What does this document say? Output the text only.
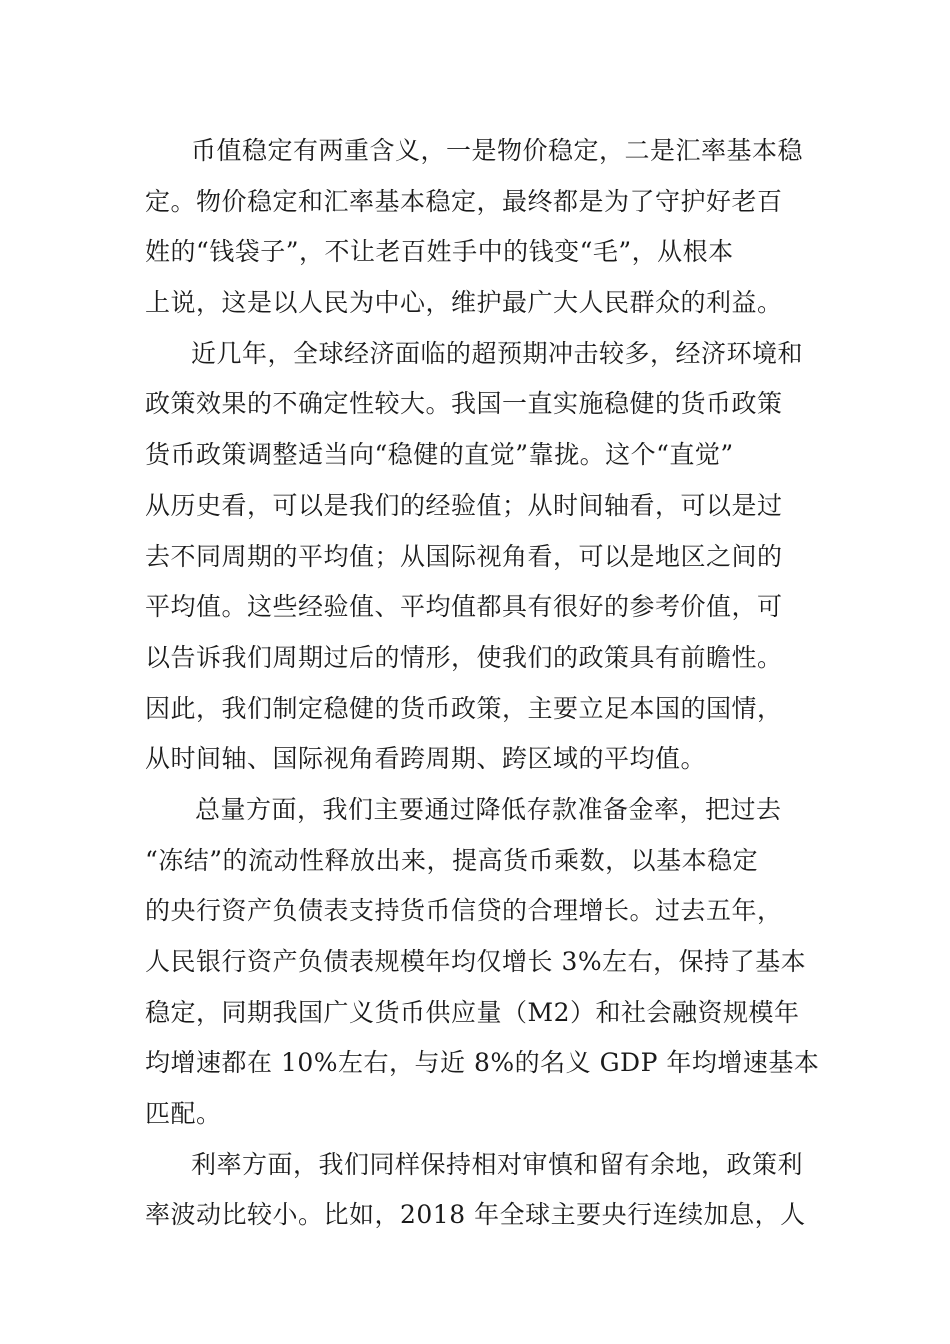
币值稳定有两重含义，一是物价稳定，二是汇率基本稳
定。物价稳定和汇率基本稳定，最终都是为了守护好老百
姓的“钱袋子”，不让老百姓手中的钱变“毛”，从根本
上说，这是以人民为中心，维护最广大人民群众的利益。
近几年，全球经济面临的超预期冲击较多，经济环境和
政策效果的不确定性较大。我国一直实施稳健的货币政策
货币政策调整适当向“稳健的直觉”靠拢。这个“直觉”
从历史看，可以是我们的经验值；从时间轴看，可以是过
去不同周期的平均值；从国际视角看，可以是地区之间的
平均值。这些经验值、平均值都具有很好的参考价值，可
以告诉我们周期过后的情形，使我们的政策具有前瞻性。
因此，我们制定稳健的货币政策，主要立足本国的国情，
从时间轴、国际视角看跨周期、跨区域的平均值。
总量方面，我们主要通过降低存款准备金率，把过去
“冻结”的流动性释放出来，提高货币乘数，以基本稳定
的央行资产负债表支持货币信贷的合理增长。过去五年，
人民银行资产负债表规模年均仅增长 3%左右，保持了基本
稳定，同期我国广义货币供应量（M2）和社会融资规模年
均增速都在 10%左右，与近 8%的名义 GDP 年均增速基本
匹配。
利率方面，我们同样保持相对审慎和留有余地，政策利
率波动比较小。比如，2018 年全球主要央行连续加息，人
